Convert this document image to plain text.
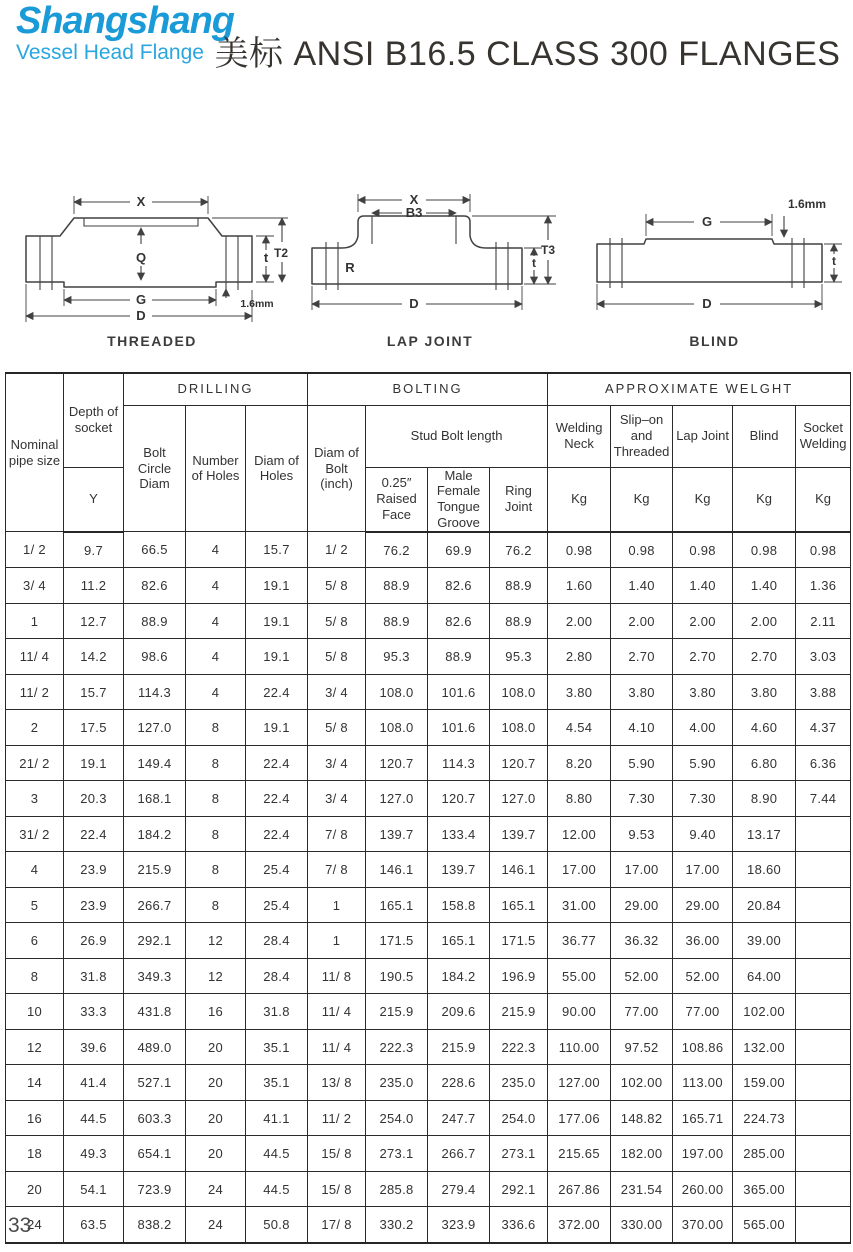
Shangshang
Vessel Head Flange 美标 ANSI B16.5 CLASS 300 FLANGES
Q
X
G
D
t T2
1.6mm
THREADED
X
B3
R
D
t
T3
LAP JOINT
G
D
t
1.6mm
BLIND
Nominal pipe size	Depth of socket	DRILLING			BOLTING				APPROXIMATE WELGHT				
		Bolt Circle Diam	Number of Holes	Diam of Holes	Diam of Bolt (inch)	Stud Bolt length			Welding Neck	Slip–on and Threaded	Lap Joint	Blind	Socket Welding
	Y					0.25″ Raised Face	Male Female Tongue Groove	Ring Joint	Kg	Kg	Kg	Kg	Kg
1/ 2	9.7	66.5	4	15.7	1/ 2	76.2	69.9	76.2	0.98	0.98	0.98	0.98	0.98
3/ 4	11.2	82.6	4	19.1	5/ 8	88.9	82.6	88.9	1.60	1.40	1.40	1.40	1.36
1	12.7	88.9	4	19.1	5/ 8	88.9	82.6	88.9	2.00	2.00	2.00	2.00	2.11
11/ 4	14.2	98.6	4	19.1	5/ 8	95.3	88.9	95.3	2.80	2.70	2.70	2.70	3.03
11/ 2	15.7	114.3	4	22.4	3/ 4	108.0	101.6	108.0	3.80	3.80	3.80	3.80	3.88
2	17.5	127.0	8	19.1	5/ 8	108.0	101.6	108.0	4.54	4.10	4.00	4.60	4.37
21/ 2	19.1	149.4	8	22.4	3/ 4	120.7	114.3	120.7	8.20	5.90	5.90	6.80	6.36
3	20.3	168.1	8	22.4	3/ 4	127.0	120.7	127.0	8.80	7.30	7.30	8.90	7.44
31/ 2	22.4	184.2	8	22.4	7/ 8	139.7	133.4	139.7	12.00	9.53	9.40	13.17	
4	23.9	215.9	8	25.4	7/ 8	146.1	139.7	146.1	17.00	17.00	17.00	18.60	
5	23.9	266.7	8	25.4	1	165.1	158.8	165.1	31.00	29.00	29.00	20.84	
6	26.9	292.1	12	28.4	1	171.5	165.1	171.5	36.77	36.32	36.00	39.00	
8	31.8	349.3	12	28.4	11/ 8	190.5	184.2	196.9	55.00	52.00	52.00	64.00	
10	33.3	431.8	16	31.8	11/ 4	215.9	209.6	215.9	90.00	77.00	77.00	102.00	
12	39.6	489.0	20	35.1	11/ 4	222.3	215.9	222.3	110.00	97.52	108.86	132.00	
14	41.4	527.1	20	35.1	13/ 8	235.0	228.6	235.0	127.00	102.00	113.00	159.00	
16	44.5	603.3	20	41.1	11/ 2	254.0	247.7	254.0	177.06	148.82	165.71	224.73	
18	49.3	654.1	20	44.5	15/ 8	273.1	266.7	273.1	215.65	182.00	197.00	285.00	
20	54.1	723.9	24	44.5	15/ 8	285.8	279.4	292.1	267.86	231.54	260.00	365.00	
24	63.5	838.2	24	50.8	17/ 8	330.2	323.9	336.6	372.00	330.00	370.00	565.00	
33
